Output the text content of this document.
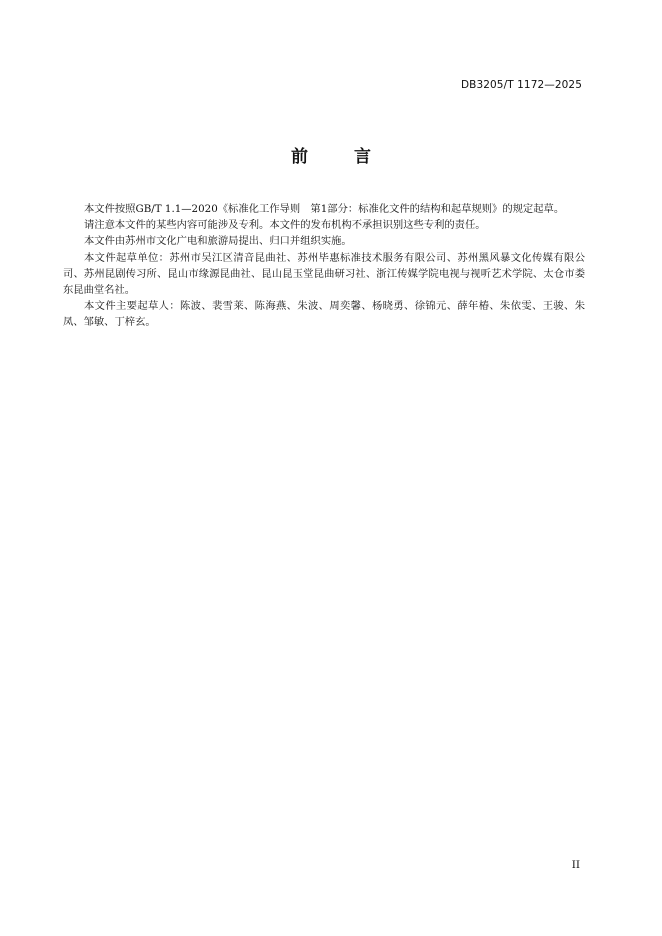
DB3205/T 1172—2025
前 言

本文件按照GB/T 1.1—2020《标准化工作导则　第1部分：标准化文件的结构和起草规则》的规定起草。

请注意本文件的某些内容可能涉及专利。本文件的发布机构不承担识别这些专利的责任。

本文件由苏州市文化广电和旅游局提出、归口并组织实施。

本文件起草单位：苏州市吴江区清音昆曲社、苏州毕惠标准技术服务有限公司、苏州黑风暴文化传媒有限公司、苏州昆剧传习所、昆山市缘源昆曲社、昆山昆玉堂昆曲研习社、浙江传媒学院电视与视听艺术学院、太仓市娄东昆曲堂名社。

本文件主要起草人：陈波、裴雪莱、陈海燕、朱波、周奕馨、杨晓勇、徐锦元、薛年椿、朱依雯、王骏、朱凤、邹敏、丁梓玄。

II
